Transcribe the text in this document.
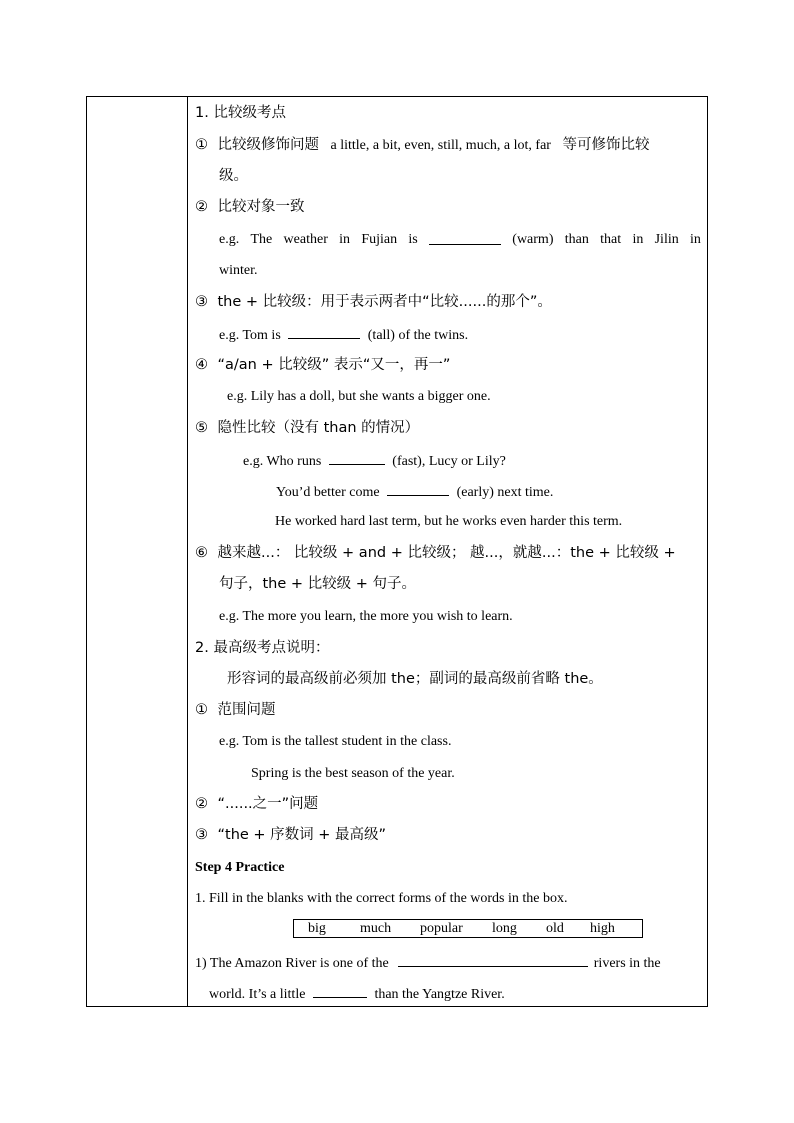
1. 比较级考点
① 比较级修饰问题 a little, a bit, even, still, much, a lot, far 等可修饰比较
级。
② 比较对象一致
e.g. The weather in Fujian is	(warm) than that in Jilin in
winter.
③ the + 比较级：用于表示两者中“比较......的那个”。
e.g. Tom is	(tall) of the twins.
④ “a/an + 比较级” 表示“又一，再一”
e.g. Lily has a doll, but she wants a bigger one.
⑤ 隐性比较（没有 than 的情况）
e.g. Who runs	(fast), Lucy or Lily?
You’d better come	(early) next time.
He worked hard last term, but he works even harder this term.
⑥ 越来越...： 比较级 + and + 比较级； 越...，就越...：the + 比较级 +
句子，the + 比较级 + 句子。
e.g. The more you learn, the more you wish to learn.
2. 最高级考点说明：
形容词的最高级前必须加 the；副词的最高级前省略 the。
① 范围问题
e.g. Tom is the tallest student in the class.
Spring is the best season of the year.
② “......之一”问题
③ “the + 序数词 + 最高级”
Step 4 Practice
1. Fill in the blanks with the correct forms of the words in the box.
big much popular long old high
1) The Amazon River is one of the	rivers in the
world. It’s a little	than the Yangtze River.
